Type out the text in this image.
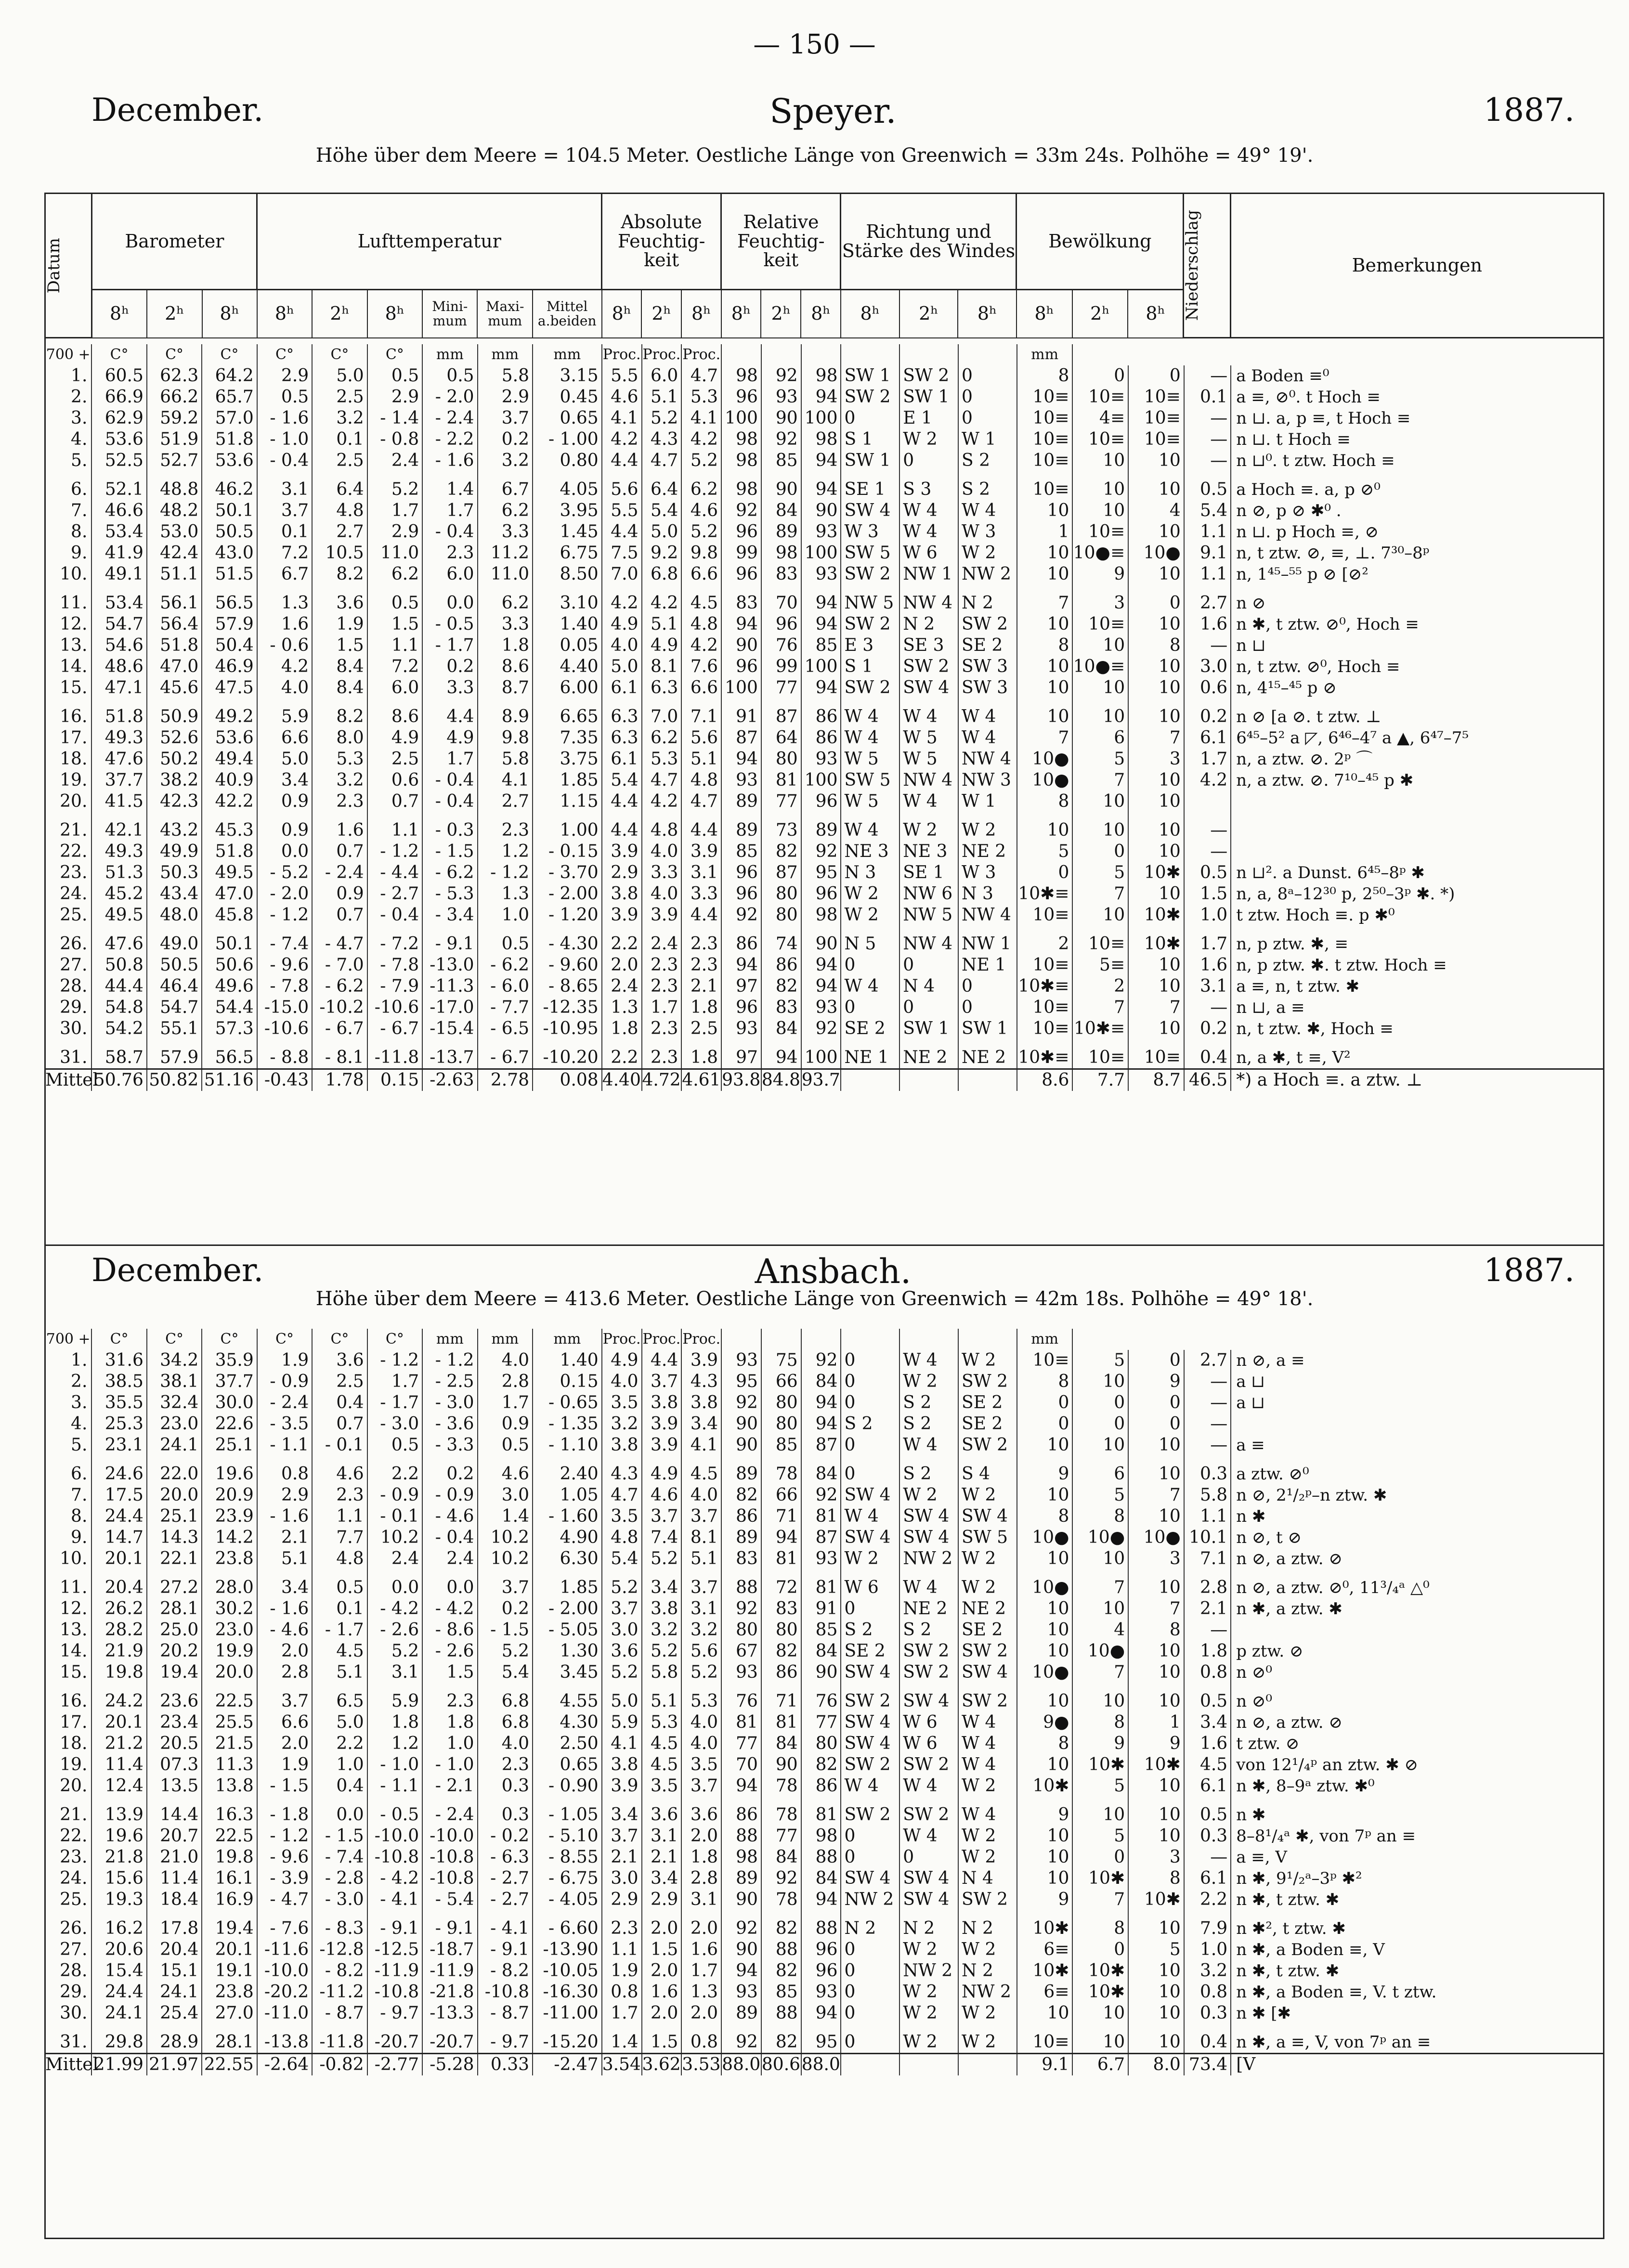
— 150 —
December.	Speyer.	1887.
Höhe über dem Meere = 104.5 Meter. Oestliche Länge von Greenwich = 33m 24s. Polhöhe = 49° 19'.
Datum	Barometer			Lufttemperatur						Absolute Feuchtig- keit			Relative Feuchtig- keit			Richtung und Stärke des Windes			Bewölkung			Niederschlag	Bemerkungen
	8ʰ	2ʰ	8ʰ	8ʰ	2ʰ	8ʰ	Mini- mum	Maxi- mum	Mittel a.beiden	8ʰ	2ʰ	8ʰ	8ʰ	2ʰ	8ʰ	8ʰ	2ʰ	8ʰ	8ʰ	2ʰ	8ʰ		
700 +	C°	C°	C°	C°	C°	C°	mm	mm	mm	Proc.	Proc.	Proc.							mm				
1.	60.5	62.3	64.2	2.9	5.0	0.5	0.5	5.8	3.15	5.5	6.0	4.7	98	92	98	SW 1	SW 2	0	8	0	0	—	a Boden ≡⁰
2.	66.9	66.2	65.7	0.5	2.5	2.9	- 2.0	2.9	0.45	4.6	5.1	5.3	96	93	94	SW 2	SW 1	0	10≡	10≡	10≡	0.1	a ≡, ⊘⁰. t Hoch ≡
3.	62.9	59.2	57.0	- 1.6	3.2	- 1.4	- 2.4	3.7	0.65	4.1	5.2	4.1	100	90	100	0	E 1	0	10≡	4≡	10≡	—	n ⊔. a, p ≡, t Hoch ≡
4.	53.6	51.9	51.8	- 1.0	0.1	- 0.8	- 2.2	0.2	- 1.00	4.2	4.3	4.2	98	92	98	S 1	W 2	W 1	10≡	10≡	10≡	—	n ⊔. t Hoch ≡
5.	52.5	52.7	53.6	- 0.4	2.5	2.4	- 1.6	3.2	0.80	4.4	4.7	5.2	98	85	94	SW 1	0	S 2	10≡	10	10	—	n ⊔⁰. t ztw. Hoch ≡
6.	52.1	48.8	46.2	3.1	6.4	5.2	1.4	6.7	4.05	5.6	6.4	6.2	98	90	94	SE 1	S 3	S 2	10≡	10	10	0.5	a Hoch ≡. a, p ⊘⁰
7.	46.6	48.2	50.1	3.7	4.8	1.7	1.7	6.2	3.95	5.5	5.4	4.6	92	84	90	SW 4	W 4	W 4	10	10	4	5.4	n ⊘, p ⊘ ✱⁰ .
8.	53.4	53.0	50.5	0.1	2.7	2.9	- 0.4	3.3	1.45	4.4	5.0	5.2	96	89	93	W 3	W 4	W 3	1	10≡	10	1.1	n ⊔. p Hoch ≡, ⊘
9.	41.9	42.4	43.0	7.2	10.5	11.0	2.3	11.2	6.75	7.5	9.2	9.8	99	98	100	SW 5	W 6	W 2	10	10●≡	10●	9.1	n, t ztw. ⊘, ≡, ⊥. 7³⁰–8ᵖ
10.	49.1	51.1	51.5	6.7	8.2	6.2	6.0	11.0	8.50	7.0	6.8	6.6	96	83	93	SW 2	NW 1	NW 2	10	9	10	1.1	n, 1⁴⁵–⁵⁵ p ⊘ [⊘²
11.	53.4	56.1	56.5	1.3	3.6	0.5	0.0	6.2	3.10	4.2	4.2	4.5	83	70	94	NW 5	NW 4	N 2	7	3	0	2.7	n ⊘
12.	54.7	56.4	57.9	1.6	1.9	1.5	- 0.5	3.3	1.40	4.9	5.1	4.8	94	96	94	SW 2	N 2	SW 2	10	10≡	10	1.6	n ✱, t ztw. ⊘⁰, Hoch ≡
13.	54.6	51.8	50.4	- 0.6	1.5	1.1	- 1.7	1.8	0.05	4.0	4.9	4.2	90	76	85	E 3	SE 3	SE 2	8	10	8	—	n ⊔
14.	48.6	47.0	46.9	4.2	8.4	7.2	0.2	8.6	4.40	5.0	8.1	7.6	96	99	100	S 1	SW 2	SW 3	10	10●≡	10	3.0	n, t ztw. ⊘⁰, Hoch ≡
15.	47.1	45.6	47.5	4.0	8.4	6.0	3.3	8.7	6.00	6.1	6.3	6.6	100	77	94	SW 2	SW 4	SW 3	10	10	10	0.6	n, 4¹⁵–⁴⁵ p ⊘
16.	51.8	50.9	49.2	5.9	8.2	8.6	4.4	8.9	6.65	6.3	7.0	7.1	91	87	86	W 4	W 4	W 4	10	10	10	0.2	n ⊘ [a ⊘. t ztw. ⊥
17.	49.3	52.6	53.6	6.6	8.0	4.9	4.9	9.8	7.35	6.3	6.2	5.6	87	64	86	W 4	W 5	W 4	7	6	7	6.1	6⁴⁵–5² a ◸, 6⁴⁶–4⁷ a ▲, 6⁴⁷–7⁵
18.	47.6	50.2	49.4	5.0	5.3	2.5	1.7	5.8	3.75	6.1	5.3	5.1	94	80	93	W 5	W 5	NW 4	10●	5	3	1.7	n, a ztw. ⊘. 2ᵖ ⌒
19.	37.7	38.2	40.9	3.4	3.2	0.6	- 0.4	4.1	1.85	5.4	4.7	4.8	93	81	100	SW 5	NW 4	NW 3	10●	7	10	4.2	n, a ztw. ⊘. 7¹⁰–⁴⁵ p ✱
20.	41.5	42.3	42.2	0.9	2.3	0.7	- 0.4	2.7	1.15	4.4	4.2	4.7	89	77	96	W 5	W 4	W 1	8	10	10		
21.	42.1	43.2	45.3	0.9	1.6	1.1	- 0.3	2.3	1.00	4.4	4.8	4.4	89	73	89	W 4	W 2	W 2	10	10	10	—	
22.	49.3	49.9	51.8	0.0	0.7	- 1.2	- 1.5	1.2	- 0.15	3.9	4.0	3.9	85	82	92	NE 3	NE 3	NE 2	5	0	10	—	
23.	51.3	50.3	49.5	- 5.2	- 2.4	- 4.4	- 6.2	- 1.2	- 3.70	2.9	3.3	3.1	96	87	95	N 3	SE 1	W 3	0	5	10✱	0.5	n ⊔². a Dunst. 6⁴⁵–8ᵖ ✱
24.	45.2	43.4	47.0	- 2.0	0.9	- 2.7	- 5.3	1.3	- 2.00	3.8	4.0	3.3	96	80	96	W 2	NW 6	N 3	10✱≡	7	10	1.5	n, a, 8ᵃ–12³⁰ p, 2⁵⁰–3ᵖ ✱. *)
25.	49.5	48.0	45.8	- 1.2	0.7	- 0.4	- 3.4	1.0	- 1.20	3.9	3.9	4.4	92	80	98	W 2	NW 5	NW 4	10≡	10	10✱	1.0	t ztw. Hoch ≡. p ✱⁰
26.	47.6	49.0	50.1	- 7.4	- 4.7	- 7.2	- 9.1	0.5	- 4.30	2.2	2.4	2.3	86	74	90	N 5	NW 4	NW 1	2	10≡	10✱	1.7	n, p ztw. ✱, ≡
27.	50.8	50.5	50.6	- 9.6	- 7.0	- 7.8	-13.0	- 6.2	- 9.60	2.0	2.3	2.3	94	86	94	0	0	NE 1	10≡	5≡	10	1.6	n, p ztw. ✱. t ztw. Hoch ≡
28.	44.4	46.4	49.6	- 7.8	- 6.2	- 7.9	-11.3	- 6.0	- 8.65	2.4	2.3	2.1	97	82	94	W 4	N 4	0	10✱≡	2	10	3.1	a ≡, n, t ztw. ✱
29.	54.8	54.7	54.4	-15.0	-10.2	-10.6	-17.0	- 7.7	-12.35	1.3	1.7	1.8	96	83	93	0	0	0	10≡	7	7	—	n ⊔, a ≡
30.	54.2	55.1	57.3	-10.6	- 6.7	- 6.7	-15.4	- 6.5	-10.95	1.8	2.3	2.5	93	84	92	SE 2	SW 1	SW 1	10≡	10✱≡	10	0.2	n, t ztw. ✱, Hoch ≡
31.	58.7	57.9	56.5	- 8.8	- 8.1	-11.8	-13.7	- 6.7	-10.20	2.2	2.3	1.8	97	94	100	NE 1	NE 2	NE 2	10✱≡	10≡	10≡	0.4	n, a ✱, t ≡, V²
Mittel	50.76	50.82	51.16	-0.43	1.78	0.15	-2.63	2.78	0.08	4.40	4.72	4.61	93.8	84.8	93.7				8.6	7.7	8.7	46.5	*) a Hoch ≡. a ztw. ⊥
December.	Ansbach.	1887.
Höhe über dem Meere = 413.6 Meter. Oestliche Länge von Greenwich = 42m 18s. Polhöhe = 49° 18'.
700 +	C°	C°	C°	C°	C°	C°	mm	mm	mm	Proc.	Proc.	Proc.							mm				
1.	31.6	34.2	35.9	1.9	3.6	- 1.2	- 1.2	4.0	1.40	4.9	4.4	3.9	93	75	92	0	W 4	W 2	10≡	5	0	2.7	n ⊘, a ≡
2.	38.5	38.1	37.7	- 0.9	2.5	1.7	- 2.5	2.8	0.15	4.0	3.7	4.3	95	66	84	0	W 2	SW 2	8	10	9	—	a ⊔
3.	35.5	32.4	30.0	- 2.4	0.4	- 1.7	- 3.0	1.7	- 0.65	3.5	3.8	3.8	92	80	94	0	S 2	SE 2	0	0	0	—	a ⊔
4.	25.3	23.0	22.6	- 3.5	0.7	- 3.0	- 3.6	0.9	- 1.35	3.2	3.9	3.4	90	80	94	S 2	S 2	SE 2	0	0	0	—	
5.	23.1	24.1	25.1	- 1.1	- 0.1	0.5	- 3.3	0.5	- 1.10	3.8	3.9	4.1	90	85	87	0	W 4	SW 2	10	10	10	—	a ≡
6.	24.6	22.0	19.6	0.8	4.6	2.2	0.2	4.6	2.40	4.3	4.9	4.5	89	78	84	0	S 2	S 4	9	6	10	0.3	a ztw. ⊘⁰
7.	17.5	20.0	20.9	2.9	2.3	- 0.9	- 0.9	3.0	1.05	4.7	4.6	4.0	82	66	92	SW 4	W 2	W 2	10	5	7	5.8	n ⊘, 2¹/₂ᵖ–n ztw. ✱
8.	24.4	25.1	23.9	- 1.6	1.1	- 0.1	- 4.6	1.4	- 1.60	3.5	3.7	3.7	86	71	81	W 4	SW 4	SW 4	8	8	10	1.1	n ✱
9.	14.7	14.3	14.2	2.1	7.7	10.2	- 0.4	10.2	4.90	4.8	7.4	8.1	89	94	87	SW 4	SW 4	SW 5	10●	10●	10●	10.1	n ⊘, t ⊘
10.	20.1	22.1	23.8	5.1	4.8	2.4	2.4	10.2	6.30	5.4	5.2	5.1	83	81	93	W 2	NW 2	W 2	10	10	3	7.1	n ⊘, a ztw. ⊘
11.	20.4	27.2	28.0	3.4	0.5	0.0	0.0	3.7	1.85	5.2	3.4	3.7	88	72	81	W 6	W 4	W 2	10●	7	10	2.8	n ⊘, a ztw. ⊘⁰, 11³/₄ᵃ △⁰
12.	26.2	28.1	30.2	- 1.6	0.1	- 4.2	- 4.2	0.2	- 2.00	3.7	3.8	3.1	92	83	91	0	NE 2	NE 2	10	10	7	2.1	n ✱, a ztw. ✱
13.	28.2	25.0	23.0	- 4.6	- 1.7	- 2.6	- 8.6	- 1.5	- 5.05	3.0	3.2	3.2	80	80	85	S 2	S 2	SE 2	10	4	8	—	
14.	21.9	20.2	19.9	2.0	4.5	5.2	- 2.6	5.2	1.30	3.6	5.2	5.6	67	82	84	SE 2	SW 2	SW 2	10	10●	10	1.8	p ztw. ⊘
15.	19.8	19.4	20.0	2.8	5.1	3.1	1.5	5.4	3.45	5.2	5.8	5.2	93	86	90	SW 4	SW 2	SW 4	10●	7	10	0.8	n ⊘⁰
16.	24.2	23.6	22.5	3.7	6.5	5.9	2.3	6.8	4.55	5.0	5.1	5.3	76	71	76	SW 2	SW 4	SW 2	10	10	10	0.5	n ⊘⁰
17.	20.1	23.4	25.5	6.6	5.0	1.8	1.8	6.8	4.30	5.9	5.3	4.0	81	81	77	SW 4	W 6	W 4	9●	8	1	3.4	n ⊘, a ztw. ⊘
18.	21.2	20.5	21.5	2.0	2.2	1.2	1.0	4.0	2.50	4.1	4.5	4.0	77	84	80	SW 4	W 6	W 4	8	9	9	1.6	t ztw. ⊘
19.	11.4	07.3	11.3	1.9	1.0	- 1.0	- 1.0	2.3	0.65	3.8	4.5	3.5	70	90	82	SW 2	SW 2	W 4	10	10✱	10✱	4.5	von 12¹/₄ᵖ an ztw. ✱ ⊘
20.	12.4	13.5	13.8	- 1.5	0.4	- 1.1	- 2.1	0.3	- 0.90	3.9	3.5	3.7	94	78	86	W 4	W 4	W 2	10✱	5	10	6.1	n ✱, 8–9ᵃ ztw. ✱⁰
21.	13.9	14.4	16.3	- 1.8	0.0	- 0.5	- 2.4	0.3	- 1.05	3.4	3.6	3.6	86	78	81	SW 2	SW 2	W 4	9	10	10	0.5	n ✱
22.	19.6	20.7	22.5	- 1.2	- 1.5	-10.0	-10.0	- 0.2	- 5.10	3.7	3.1	2.0	88	77	98	0	W 4	W 2	10	5	10	0.3	8–8¹/₄ᵃ ✱, von 7ᵖ an ≡
23.	21.8	21.0	19.8	- 9.6	- 7.4	-10.8	-10.8	- 6.3	- 8.55	2.1	2.1	1.8	98	84	88	0	0	W 2	10	0	3	—	a ≡, V
24.	15.6	11.4	16.1	- 3.9	- 2.8	- 4.2	-10.8	- 2.7	- 6.75	3.0	3.4	2.8	89	92	84	SW 4	SW 4	N 4	10	10✱	8	6.1	n ✱, 9¹/₂ᵃ–3ᵖ ✱²
25.	19.3	18.4	16.9	- 4.7	- 3.0	- 4.1	- 5.4	- 2.7	- 4.05	2.9	2.9	3.1	90	78	94	NW 2	SW 4	SW 2	9	7	10✱	2.2	n ✱, t ztw. ✱
26.	16.2	17.8	19.4	- 7.6	- 8.3	- 9.1	- 9.1	- 4.1	- 6.60	2.3	2.0	2.0	92	82	88	N 2	N 2	N 2	10✱	8	10	7.9	n ✱², t ztw. ✱
27.	20.6	20.4	20.1	-11.6	-12.8	-12.5	-18.7	- 9.1	-13.90	1.1	1.5	1.6	90	88	96	0	W 2	W 2	6≡	0	5	1.0	n ✱, a Boden ≡, V
28.	15.4	15.1	19.1	-10.0	- 8.2	-11.9	-11.9	- 8.2	-10.05	1.9	2.0	1.7	94	82	96	0	NW 2	N 2	10✱	10✱	10	3.2	n ✱, t ztw. ✱
29.	24.4	24.1	23.8	-20.2	-11.2	-10.8	-21.8	-10.8	-16.30	0.8	1.6	1.3	93	85	93	0	W 2	NW 2	6≡	10✱	10	0.8	n ✱, a Boden ≡, V. t ztw.
30.	24.1	25.4	27.0	-11.0	- 8.7	- 9.7	-13.3	- 8.7	-11.00	1.7	2.0	2.0	89	88	94	0	W 2	W 2	10	10	10	0.3	n ✱ [✱
31.	29.8	28.9	28.1	-13.8	-11.8	-20.7	-20.7	- 9.7	-15.20	1.4	1.5	0.8	92	82	95	0	W 2	W 2	10≡	10	10	0.4	n ✱, a ≡, V, von 7ᵖ an ≡
Mittel	21.99	21.97	22.55	-2.64	-0.82	-2.77	-5.28	0.33	-2.47	3.54	3.62	3.53	88.0	80.6	88.0				9.1	6.7	8.0	73.4	[V
